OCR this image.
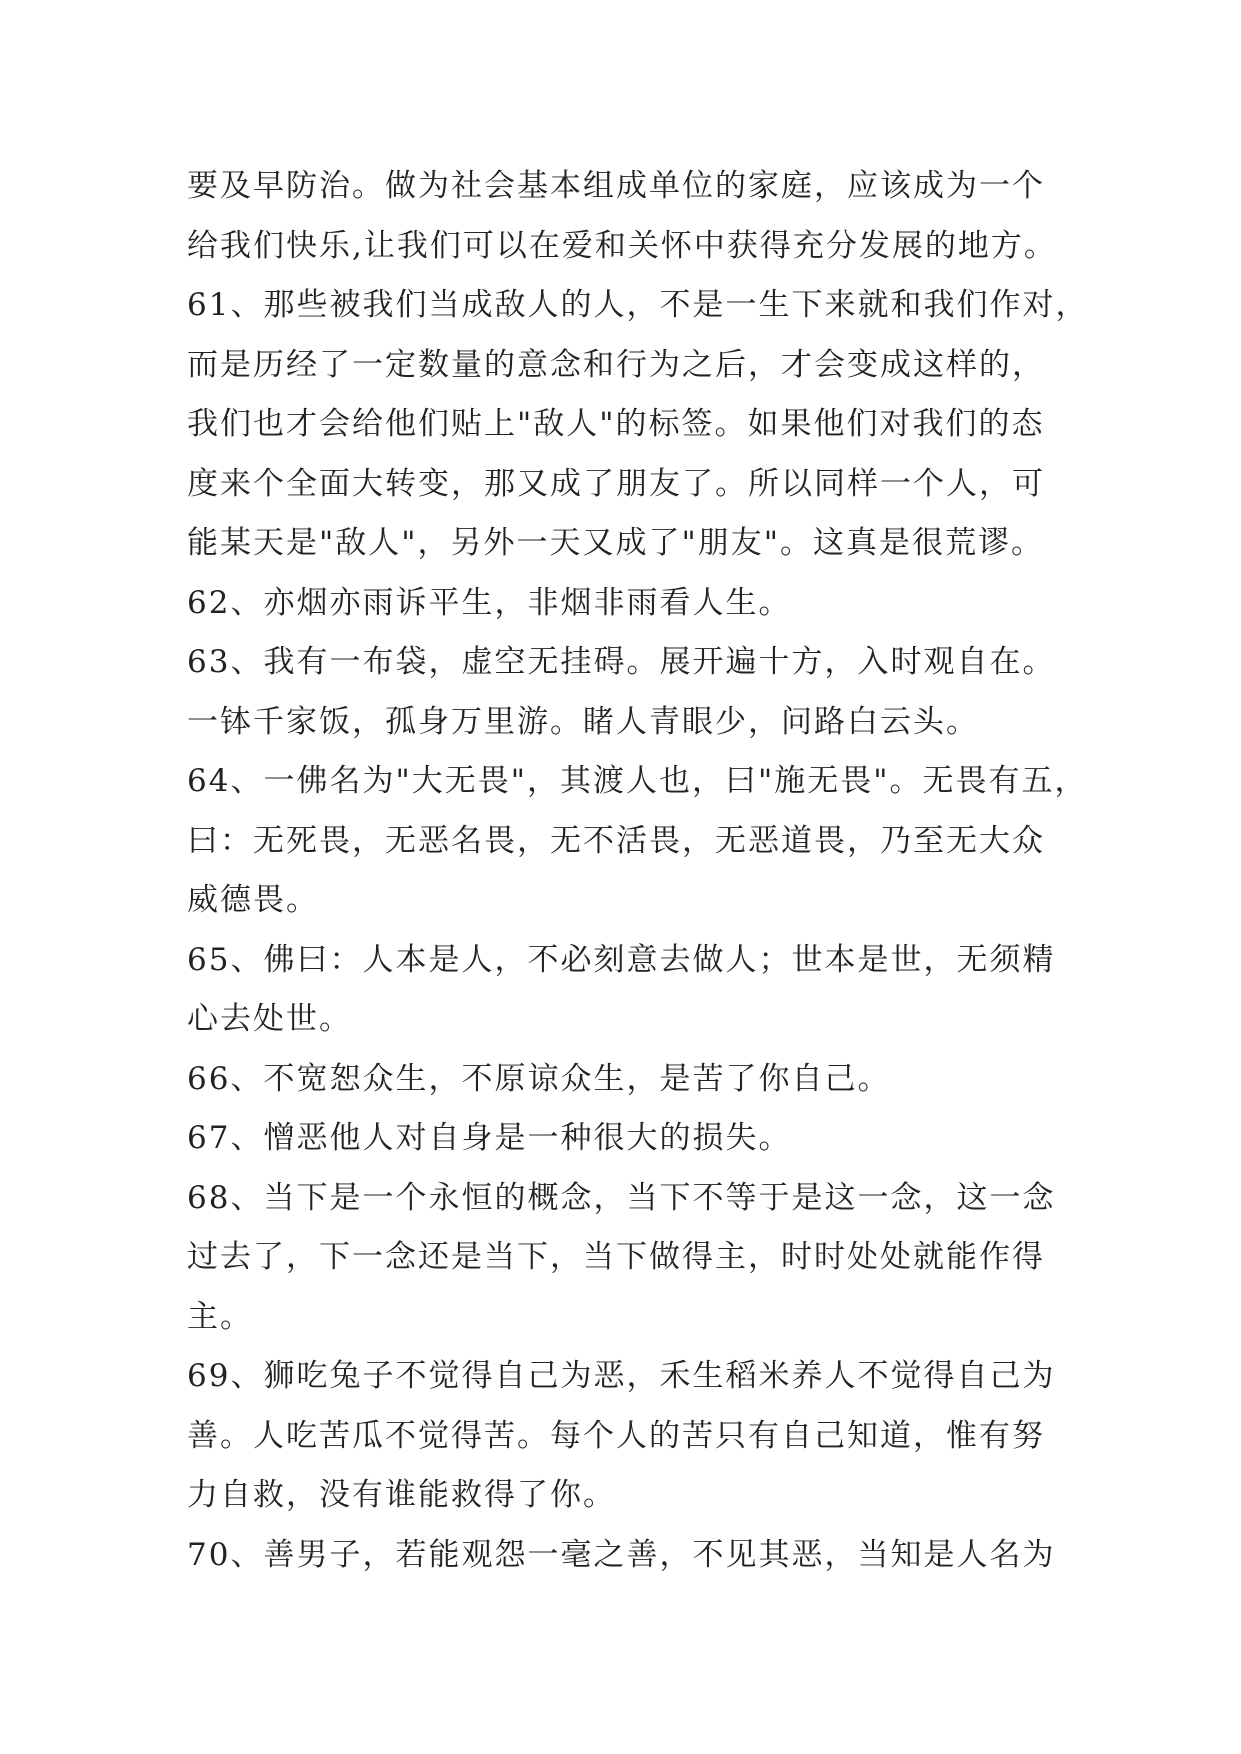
要及早防治。做为社会基本组成单位的家庭，应该成为一个
给我们快乐,让我们可以在爱和关怀中获得充分发展的地方。
61、那些被我们当成敌人的人，不是一生下来就和我们作对，
而是历经了一定数量的意念和行为之后，才会变成这样的，
我们也才会给他们贴上"敌人"的标签。如果他们对我们的态
度来个全面大转变，那又成了朋友了。所以同样一个人，可
能某天是"敌人"，另外一天又成了"朋友"。这真是很荒谬。
62、亦烟亦雨诉平生，非烟非雨看人生。
63、我有一布袋，虚空无挂碍。展开遍十方，入时观自在。
一钵千家饭，孤身万里游。睹人青眼少，问路白云头。
64、一佛名为"大无畏"，其渡人也，曰"施无畏"。无畏有五，
曰：无死畏，无恶名畏，无不活畏，无恶道畏，乃至无大众
威德畏。
65、佛曰：人本是人，不必刻意去做人；世本是世，无须精
心去处世。
66、不宽恕众生，不原谅众生，是苦了你自己。
67、憎恶他人对自身是一种很大的损失。
68、当下是一个永恒的概念，当下不等于是这一念，这一念
过去了，下一念还是当下，当下做得主，时时处处就能作得
主。
69、狮吃兔子不觉得自己为恶，禾生稻米养人不觉得自己为
善。人吃苦瓜不觉得苦。每个人的苦只有自己知道，惟有努
力自救，没有谁能救得了你。
70、善男子，若能观怨一毫之善，不见其恶，当知是人名为
